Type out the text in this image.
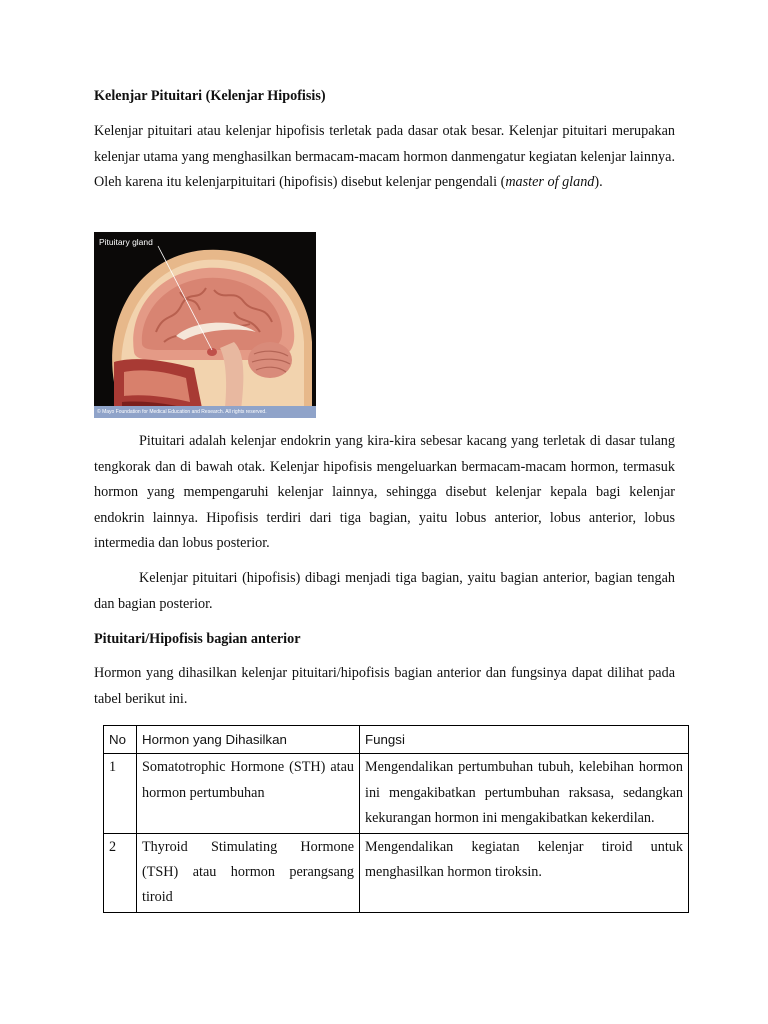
Kelenjar Pituitari (Kelenjar Hipofisis)
Kelenjar pituitari atau kelenjar hipofisis terletak pada dasar otak besar. Kelenjar pituitari merupakan kelenjar utama yang menghasilkan bermacam-macam hormon danmengatur kegiatan kelenjar lainnya. Oleh karena itu kelenjarpituitari (hipofisis) disebut kelenjar pengendali (master of gland).
Pituitary gland
© Mayo Foundation for Medical Education and Research. All rights reserved.
Pituitari adalah kelenjar endokrin yang kira-kira sebesar kacang yang terletak di dasar tulang tengkorak dan di bawah otak. Kelenjar hipofisis mengeluarkan bermacam-macam hormon, termasuk hormon yang mempengaruhi kelenjar lainnya, sehingga disebut kelenjar kepala bagi kelenjar endokrin lainnya. Hipofisis terdiri dari tiga bagian, yaitu lobus anterior, lobus anterior, lobus intermedia dan lobus posterior.
Kelenjar pituitari (hipofisis) dibagi menjadi tiga bagian, yaitu bagian anterior, bagian tengah dan bagian posterior.
Pituitari/Hipofisis bagian anterior
Hormon yang dihasilkan kelenjar pituitari/hipofisis bagian anterior dan fungsinya dapat dilihat pada tabel berikut ini.
No	Hormon yang Dihasilkan	Fungsi
1	Somatotrophic Hormone (STH) atau hormon pertumbuhan	Mengendalikan pertumbuhan tubuh, kelebihan hormon ini mengakibatkan pertumbuhan raksasa, sedangkan kekurangan hormon ini mengakibatkan kekerdilan.
2	Thyroid Stimulating Hormone (TSH) atau hormon perangsang tiroid	Mengendalikan kegiatan kelenjar tiroid untuk menghasilkan hormon tiroksin.
